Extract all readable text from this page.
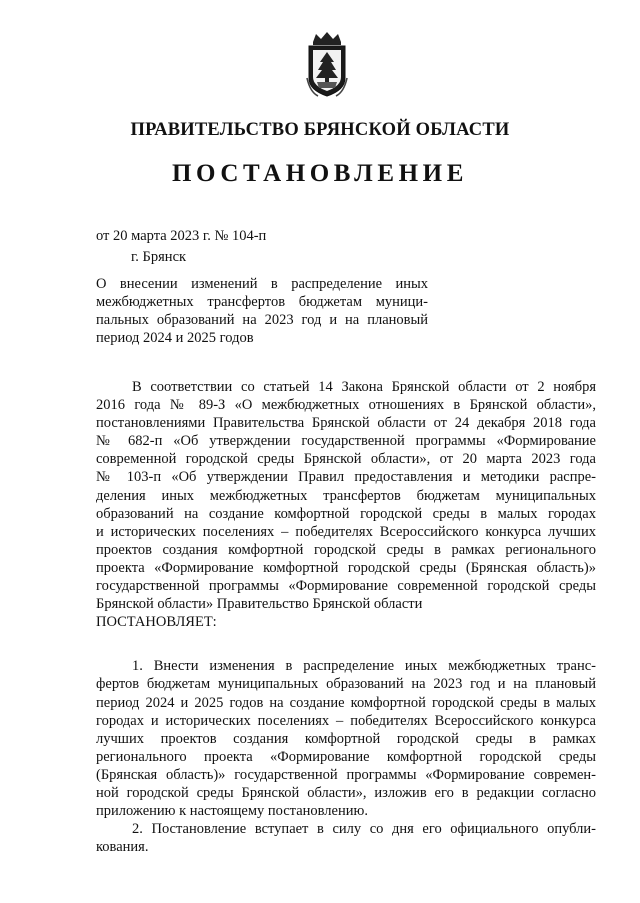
ПРАВИТЕЛЬСТВО БРЯНСКОЙ ОБЛАСТИ
ПОСТАНОВЛЕНИЕ
от 20 марта 2023 г. № 104-п
г. Брянск
О внесении изменений в распределение иных
межбюджетных трансфертов бюджетам муници-
пальных образований на 2023 год и на плановый
период 2024 и 2025 годов

В соответствии со статьей 14 Закона Брянской области от 2 ноября
2016 года № 89-З «О межбюджетных отношениях в Брянской области»,
постановлениями Правительства Брянской области от 24 декабря 2018 года
№ 682-п «Об утверждении государственной программы «Формирование
современной городской среды Брянской области», от 20 марта 2023 года
№ 103-п «Об утверждении Правил предоставления и методики распре-
деления иных межбюджетных трансфертов бюджетам муниципальных
образований на создание комфортной городской среды в малых городах
и исторических поселениях – победителях Всероссийского конкурса лучших
проектов создания комфортной городской среды в рамках регионального
проекта «Формирование комфортной городской среды (Брянская область)»
государственной программы «Формирование современной городской среды
Брянской области» Правительство Брянской области
ПОСТАНОВЛЯЕТ:

1. Внести изменения в распределение иных межбюджетных транс-
фертов бюджетам муниципальных образований на 2023 год и на плановый
период 2024 и 2025 годов на создание комфортной городской среды в малых
городах и исторических поселениях – победителях Всероссийского конкурса
лучших проектов создания комфортной городской среды в рамках
регионального проекта «Формирование комфортной городской среды
(Брянская область)» государственной программы «Формирование современ-
ной городской среды Брянской области», изложив его в редакции согласно
приложению к настоящему постановлению.

2. Постановление вступает в силу со дня его официального опубли-
кования.
